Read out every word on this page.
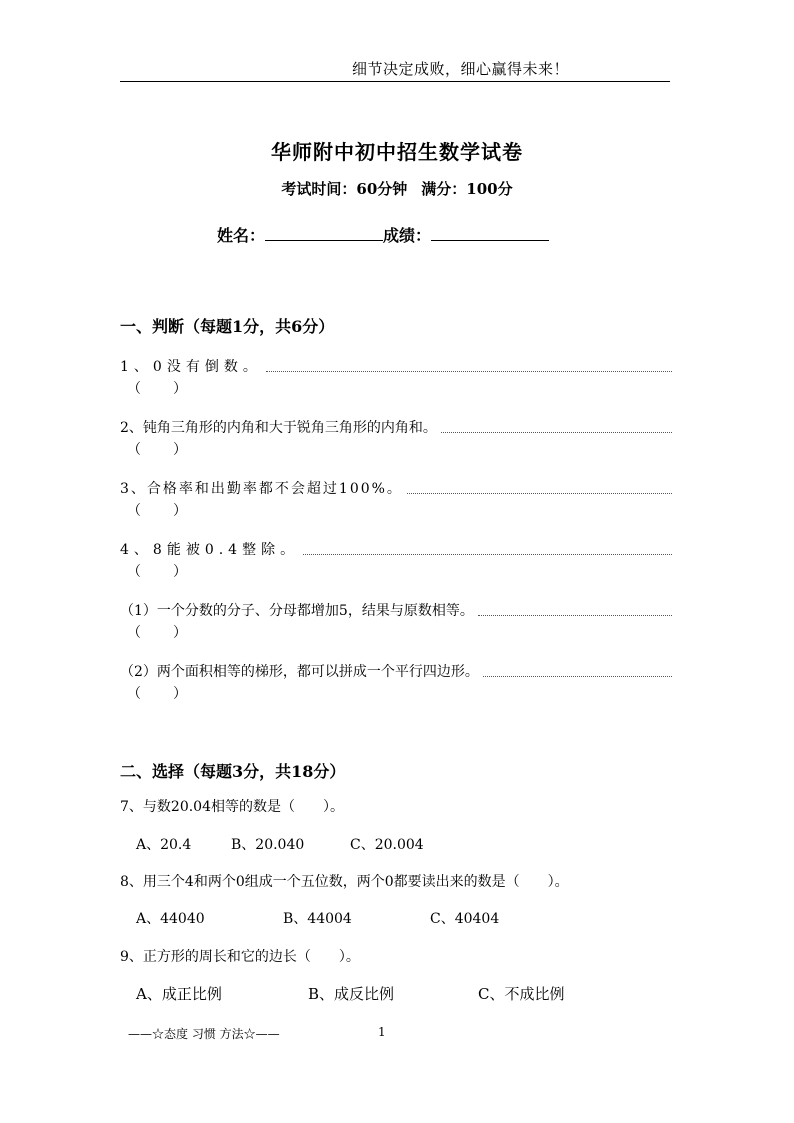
细节决定成败，细心赢得未来！
华师附中初中招生数学试卷
考试时间：60分钟 满分：100分
姓名：	成绩：
一、判断（每题1分，共6分）
1、0没有倒数。
（ ）
2、钝角三角形的内角和大于锐角三角形的内角和。
（ ）
3、合格率和出勤率都不会超过100%。
（ ）
4、8能被0.4整除。
（ ）
（1）一个分数的分子、分母都增加5，结果与原数相等。
（ ）
（2）两个面积相等的梯形，都可以拼成一个平行四边形。
（ ）
二、选择（每题3分，共18分）
7、与数20.04相等的数是（　　）。
A、20.4	B、20.040	C、20.004
8、用三个4和两个0组成一个五位数，两个0都要读出来的数是（　　）。
A、44040	B、44004	C、40404
9、正方形的周长和它的边长（　　）。
A、成正比例	B、成反比例	C、不成比例
——☆态度 习惯 方法☆——	1
